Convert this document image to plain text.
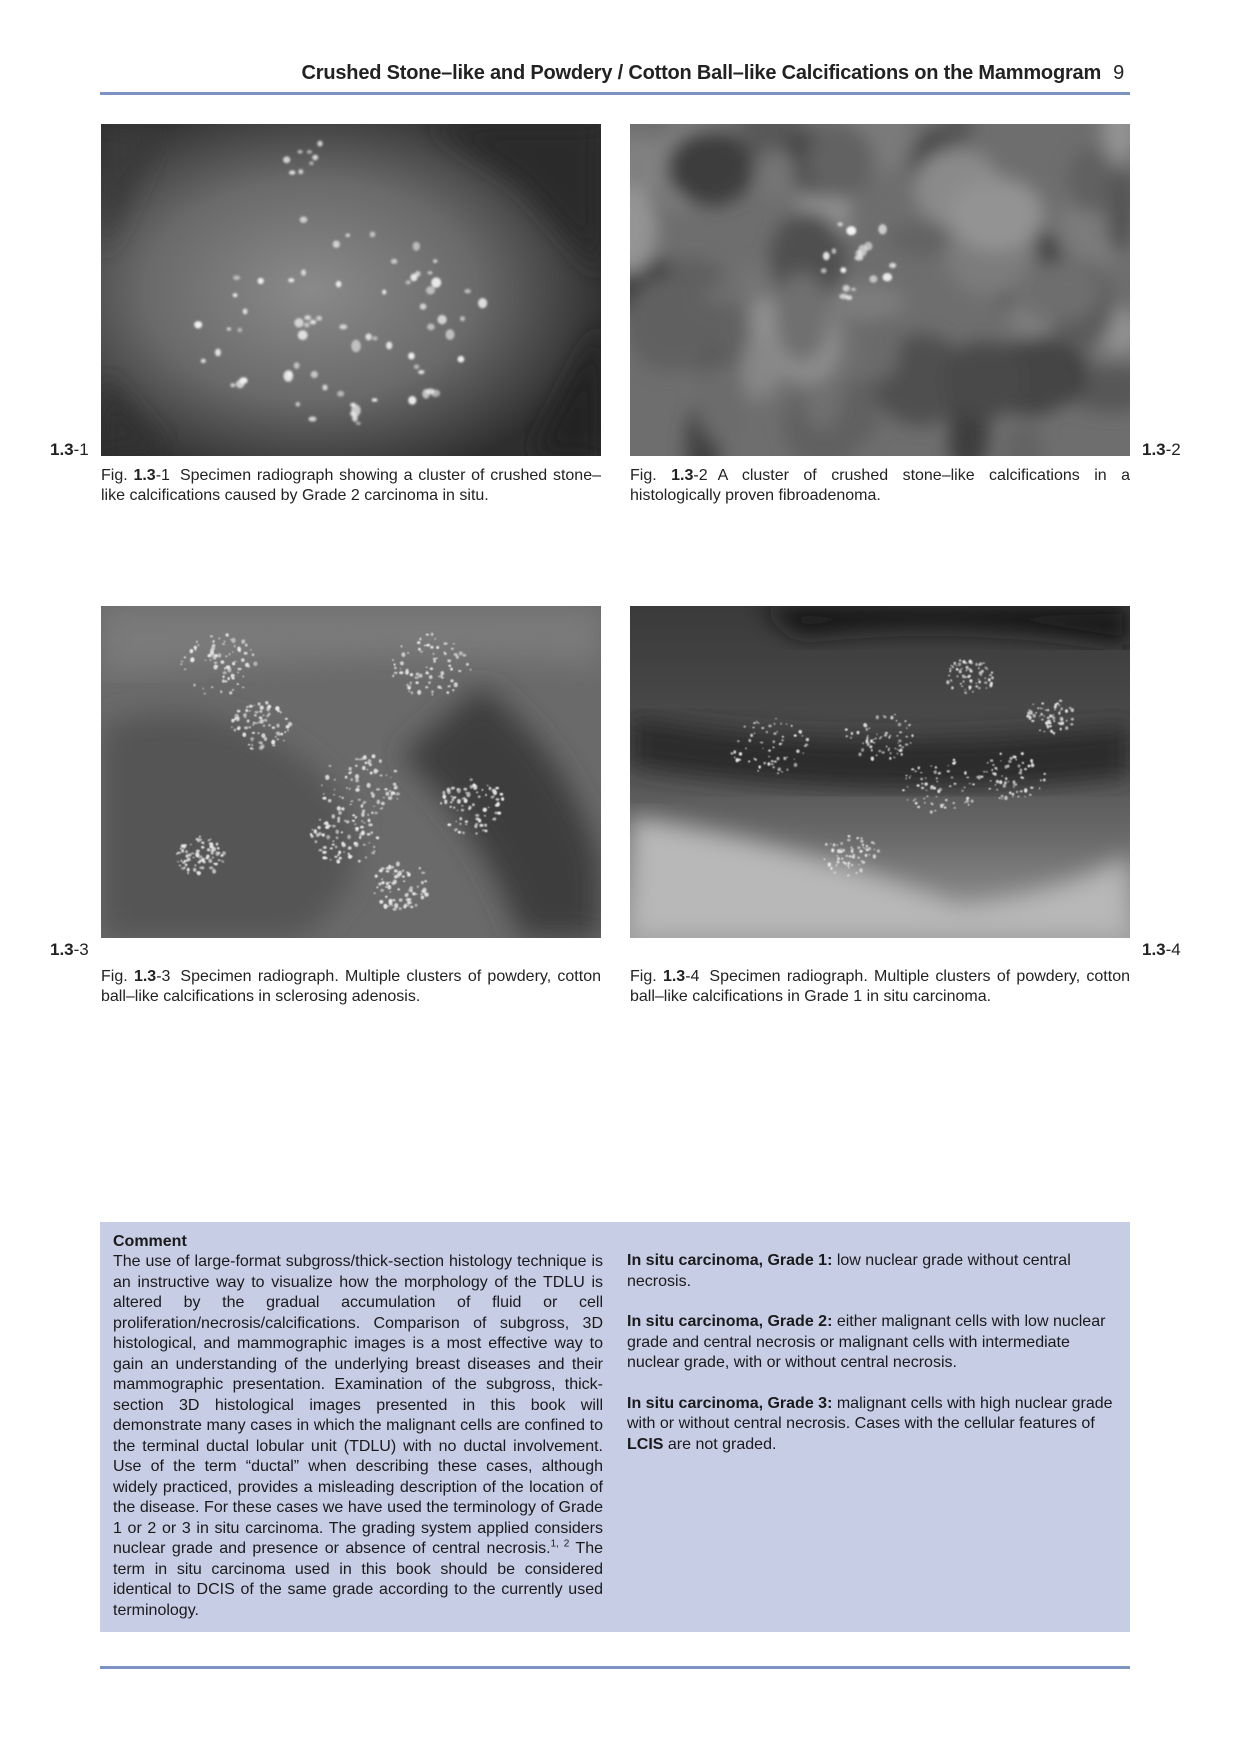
Crushed Stone–like and Powdery / Cotton Ball–like Calcifications on the Mammogram 9
1.3-1
Fig. 1.3-1 Specimen radiograph showing a cluster of crushed stone–like calcifications caused by Grade 2 carcinoma in situ.
1.3-2
Fig. 1.3-2 A cluster of crushed stone–like calcifications in a histologically proven fibroadenoma.
1.3-3
Fig. 1.3-3 Specimen radiograph. Multiple clusters of powdery, cotton ball–like calcifications in sclerosing adenosis.
1.3-4
Fig. 1.3-4 Specimen radiograph. Multiple clusters of powdery, cotton ball–like calcifications in Grade 1 in situ carcinoma.
Comment
The use of large-format subgross/thick-section histology technique is an instructive way to visualize how the morphology of the TDLU is altered by the gradual accumulation of fluid or cell proliferation/necrosis/calcifications. Comparison of subgross, 3D histological, and mammographic images is a most effective way to gain an understanding of the underlying breast diseases and their mammographic presentation. Examination of the subgross, thick-section 3D histological images presented in this book will demonstrate many cases in which the malignant cells are confined to the terminal ductal lobular unit (TDLU) with no ductal involvement. Use of the term “ductal” when describing these cases, although widely practiced, provides a misleading description of the location of the disease. For these cases we have used the terminology of Grade 1 or 2 or 3 in situ carcinoma. The grading system applied considers nuclear grade and presence or absence of central necrosis.$^{1, 2}$ The term in situ carcinoma used in this book should be considered identical to DCIS of the same grade according to the currently used terminology.

In situ carcinoma, Grade 1: low nuclear grade without central necrosis.

In situ carcinoma, Grade 2: either malignant cells with low nuclear grade and central necrosis or malignant cells with intermediate nuclear grade, with or without central necrosis.

In situ carcinoma, Grade 3: malignant cells with high nuclear grade with or without central necrosis. Cases with the cellular features of LCIS are not graded.
